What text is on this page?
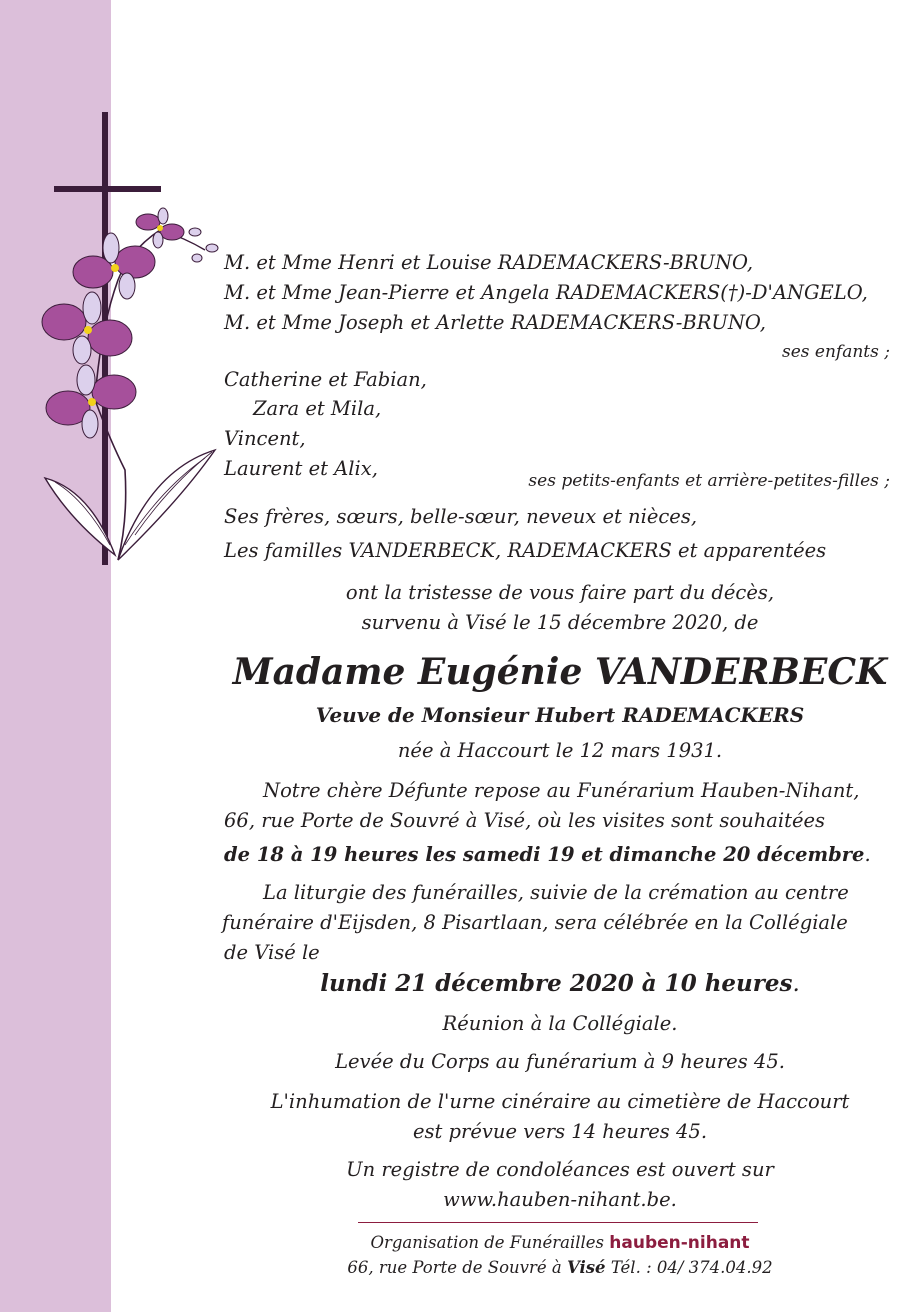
M. et Mme Henri et Louise RADEMACKERS-BRUNO,
M. et Mme Jean-Pierre et Angela RADEMACKERS(†)-D'ANGELO,
M. et Mme Joseph et Arlette RADEMACKERS-BRUNO,
ses enfants ;
Catherine et Fabian,
Zara et Mila,
Vincent,
Laurent et Alix,
ses petits-enfants et arrière-petites-filles ;
Ses frères, sœurs, belle-sœur, neveux et nièces,
Les familles VANDERBECK, RADEMACKERS et apparentées
ont la tristesse de vous faire part du décès,
survenu à Visé le 15 décembre 2020, de
Madame Eugénie VANDERBECK
Veuve de Monsieur Hubert RADEMACKERS
née à Haccourt le 12 mars 1931.
Notre chère Défunte repose au Funérarium Hauben-Nihant,
66, rue Porte de Souvré à Visé, où les visites sont souhaitées
de 18 à 19 heures les samedi 19 et dimanche 20 décembre.
La liturgie des funérailles, suivie de la crémation au centre
funéraire d'Eijsden, 8 Pisartlaan, sera célébrée en la Collégiale
de Visé le
lundi 21 décembre 2020 à 10 heures.
Réunion à la Collégiale.
Levée du Corps au funérarium à 9 heures 45.
L'inhumation de l'urne cinéraire au cimetière de Haccourt
est prévue vers 14 heures 45.
Un registre de condoléances est ouvert sur
www.hauben-nihant.be.
Organisation de Funérailles hauben-nihant
66, rue Porte de Souvré à Visé Tél. : 04/ 374.04.92
